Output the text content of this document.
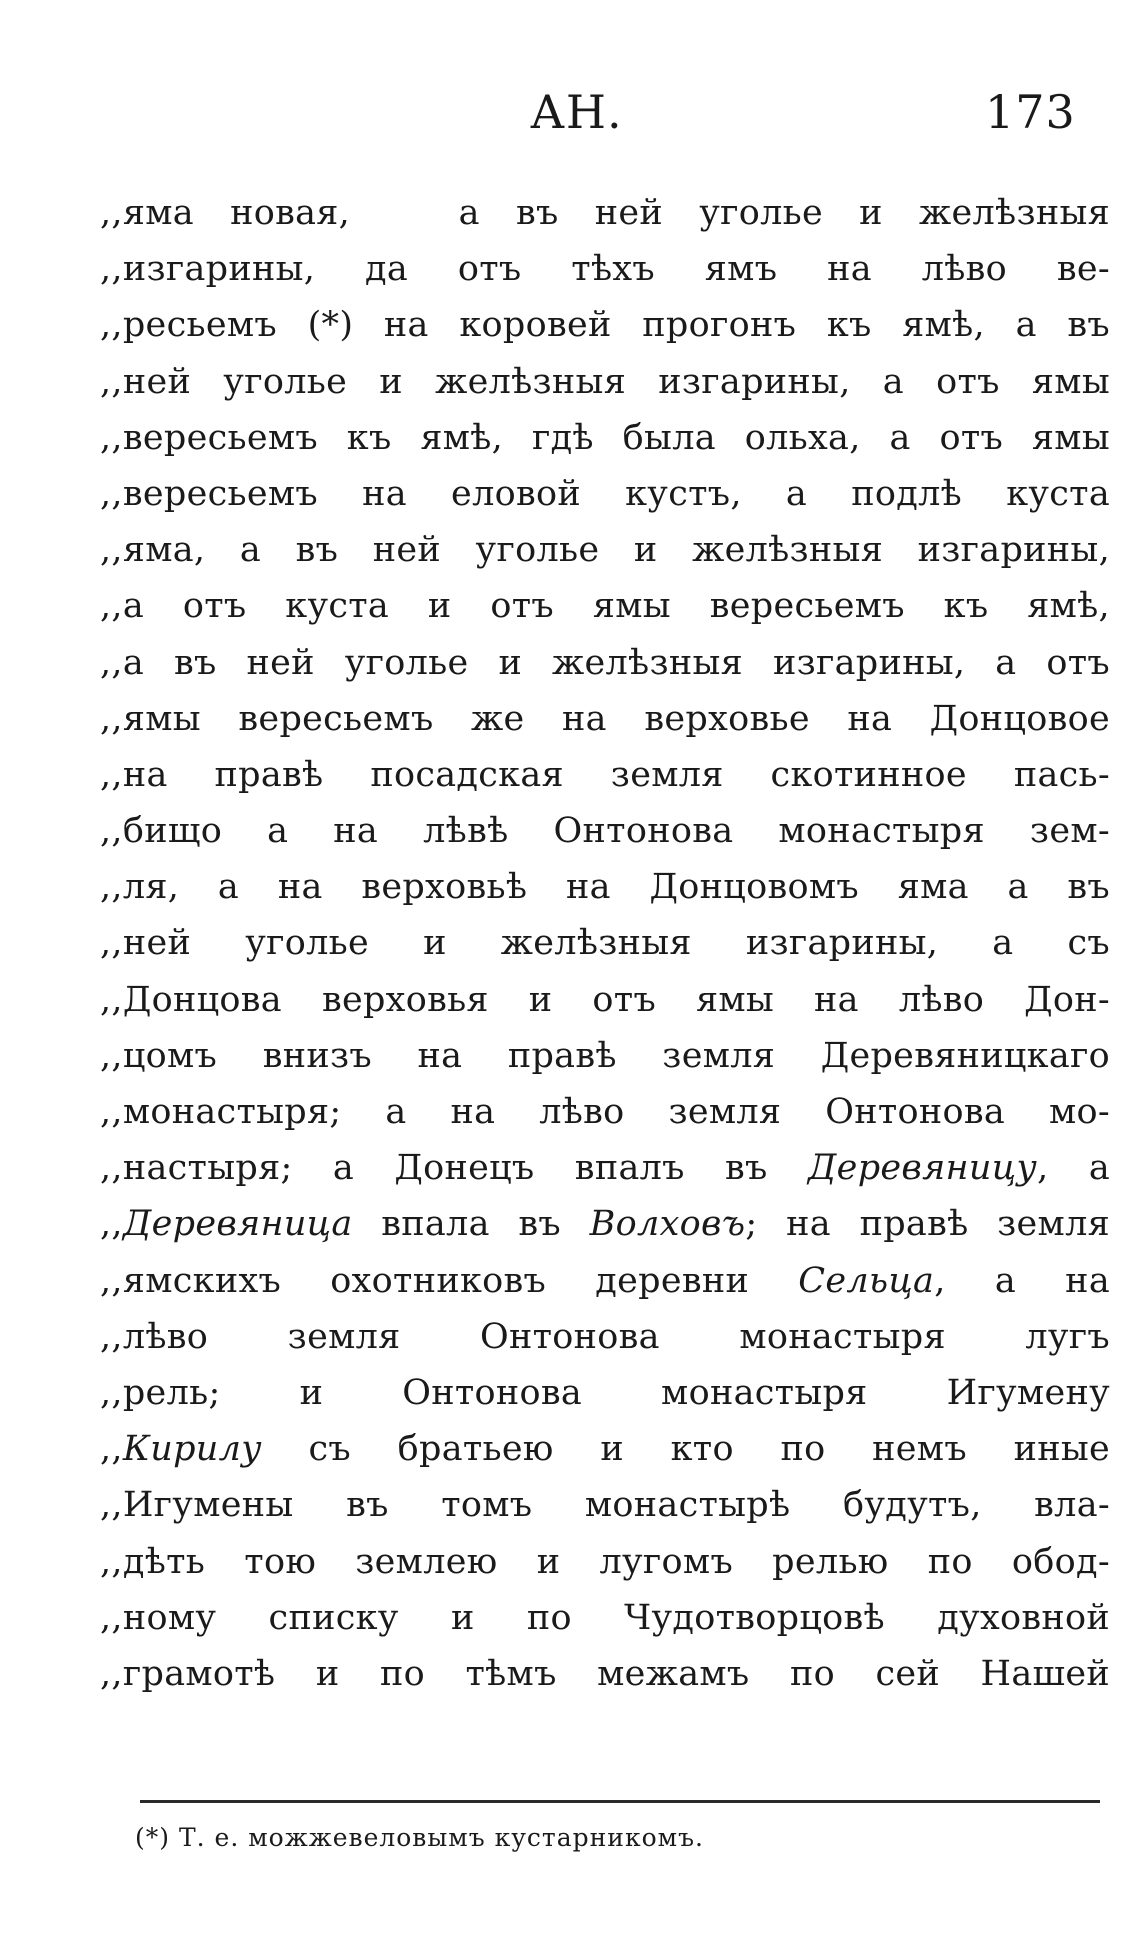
АН.	173
,,яма новая,   а въ ней уголье и желѣзныя
,,изгарины, да отъ тѣхъ ямъ на лѣво ве-
,,ресьемъ (*) на коровей прогонъ къ ямѣ, а въ
,,ней уголье и желѣзныя изгарины, а отъ ямы
,,вересьемъ къ ямѣ, гдѣ была ольха, а отъ ямы
,,вересьемъ на еловой кустъ, а подлѣ куста
,,яма, а въ ней уголье и желѣзныя изгарины,
,,а отъ куста и отъ ямы вересьемъ къ ямѣ,
,,а въ ней уголье и желѣзныя изгарины, а отъ
,,ямы вересьемъ же на верховье на Донцовое
,,на правѣ посадская земля скотинное пась-
,,бищо а на лѣвѣ Онтонова монастыря зем-
,,ля, а на верховьѣ на Донцовомъ яма а въ
,,ней уголье и желѣзныя изгарины, а съ
,,Донцова верховья и отъ ямы на лѣво Дон-
,,цомъ внизъ на правѣ земля Деревяницкаго
,,монастыря; а на лѣво земля Онтонова мо-
,,настыря; а Донецъ впалъ въ Деревяницу, а
,,Деревяница впала въ Волховъ; на правѣ земля
,,ямскихъ охотниковъ деревни Сельца, а на
,,лѣво земля Онтонова монастыря лугъ
,,рель; и Онтонова монастыря Игумену
,,Кирилу съ братьею и кто по немъ иные
,,Игумены въ томъ монастырѣ будутъ, вла-
,,дѣть тою землею и лугомъ релью по обод-
,,ному списку и по Чудотворцовѣ духовной
,,грамотѣ и по тѣмъ межамъ по сей Нашей
(*) Т. е. можжевеловымъ кустарникомъ.
